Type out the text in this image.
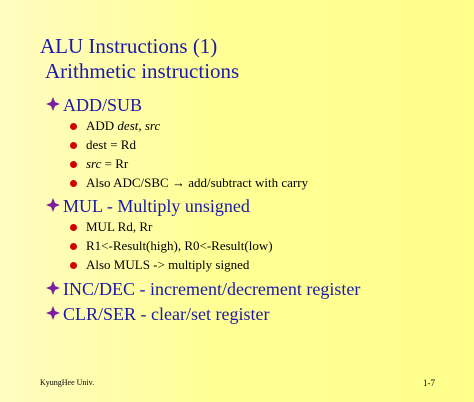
ALU Instructions (1)
Arithmetic instructions
ADD/SUB
ADD
dest, src
dest = Rd
src
= Rr
Also ADC/SBC
→
add/subtract with carry
MUL - Multiply unsigned
MUL Rd, Rr
R1<-Result(high), R0<-Result(low)
Also MULS -> multiply signed
INC/DEC - increment/decrement register
CLR/SER - clear/set register
KyungHee Univ.	1-7
